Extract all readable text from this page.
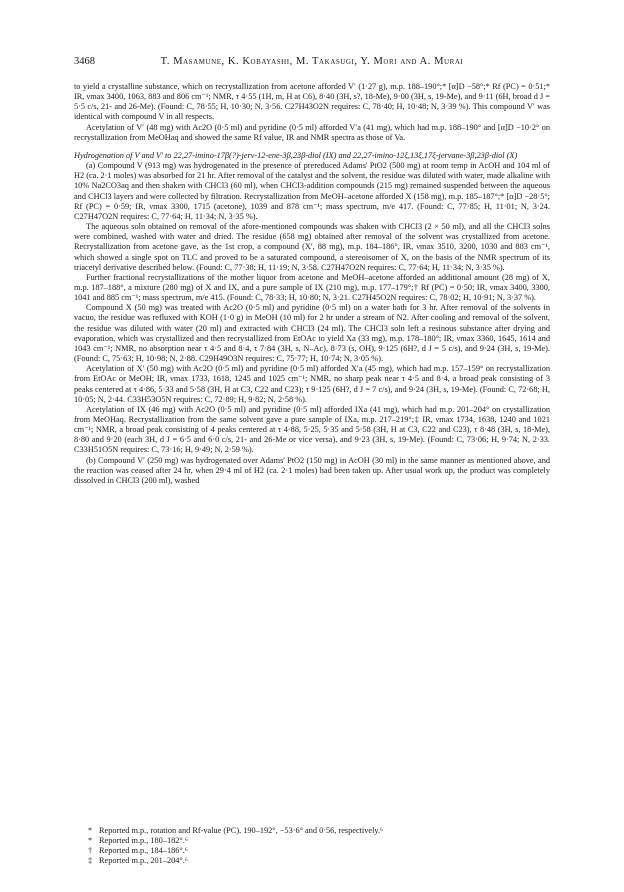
3468	T. Masamune, K. Kobayashi, M. Takasugi, Y. Mori and A. Murai

to yield a crystalline substance, which on recrystallization from acetone afforded V′ (1·27 g), m.p. 188–190°;* [α]D −58°;* Rf (PC) = 0·51;* IR, νmax 3400, 1063, 883 and 806 cm⁻¹; NMR, τ 4·55 (1H, m, H at C6), 8·40 (3H, s?, 18-Me), 9·00 (3H, s, 19-Me), and 9·11 (6H, broad d J = 5·5 c/s, 21- and 26-Me). (Found: C, 78·55; H, 10·30; N, 3·56. C27H43O2N requires: C, 78·40; H, 10·48; N, 3·39 %). This compound V′ was identical with compound V in all respects.

Acetylation of V′ (48 mg) with Ac2O (0·5 ml) and pyridine (0·5 ml) afforded V′a (41 mg), which had m.p. 188–190° and [α]D −10·2° on recrystallization from MeOHaq and showed the same Rf value, IR and NMR spectra as those of Va.

Hydrogenation of V and V′ to 22,27-imino-17β(?)-jerv-12-ene-3β,23β-diol (IX) and 22,27-imino-12ξ,13ξ,17ξ-jervane-3β,23β-diol (X)

(a) Compound V (913 mg) was hydrogenated in the presence of prereduced Adams' PtO2 (500 mg) at room temp in AcOH and 104 ml of H2 (ca. 2·1 moles) was absorbed for 21 hr. After removal of the catalyst and the solvent, the residue was diluted with water, made alkaline with 10% Na2CO3aq and then shaken with CHCl3 (60 ml), when CHCl3-addition compounds (215 mg) remained suspended between the aqueous and CHCl3 layers and were collected by filtration. Recrystallization from MeOH–acetone afforded X (158 mg), m.p. 185–187°;* [α]D −28·5°; Rf (PC) = 0·59; IR, νmax 3300, 1715 (acetone), 1039 and 878 cm⁻¹; mass spectrum, m/e 417. (Found: C, 77·85; H, 11·01; N, 3·24. C27H47O2N requires: C, 77·64; H, 11·34; N, 3·35 %).

The aqueous soln obtained on removal of the afore-mentioned compounds was shaken with CHCl3 (2 × 50 ml), and all the CHCl3 solns were combined, washed with water and dried. The residue (658 mg) obtained after removal of the solvent was crystallized from acetone. Recrystallization from acetone gave, as the 1st crop, a compound (X′, 88 mg), m.p. 184–186°, IR, νmax 3510, 3200, 1030 and 883 cm⁻¹, which showed a single spot on TLC and proved to be a saturated compound, a stereoisomer of X, on the basis of the NMR spectrum of its triacetyl derivative described below. (Found: C, 77·38; H, 11·19; N, 3·58. C27H47O2N requires: C, 77·64; H, 11·34; N, 3·35 %).

Further fractional recrystallizations of the mother liquor from acetone and MeOH–acetone afforded an additional amount (28 mg) of X, m.p. 187–188°, a mixture (280 mg) of X and IX, and a pure sample of IX (210 mg), m.p. 177–179°;† Rf (PC) = 0·50; IR, νmax 3400, 3300, 1041 and 885 cm⁻¹; mass spectrum, m/e 415. (Found: C, 78·33; H, 10·80; N, 3·21. C27H45O2N requires: C, 78·02; H, 10·91; N, 3·37 %).

Compound X (50 mg) was treated with Ac2O (0·5 ml) and pyridine (0·5 ml) on a water bath for 3 hr. After removal of the solvents in vacuo, the residue was refluxed with KOH (1·0 g) in MeOH (10 ml) for 2 hr under a stream of N2. After cooling and removal of the solvent, the residue was diluted with water (20 ml) and extracted with CHCl3 (24 ml). The CHCl3 soln left a resinous substance after drying and evaporation, which was crystallized and then recrystallized from EtOAc to yield Xa (33 mg), m.p. 178–180°; IR, νmax 3360, 1645, 1614 and 1043 cm⁻¹; NMR, no absorption near τ 4·5 and 8·4, τ 7·84 (3H, s, N–Ac), 8·73 (s, OH), 9·125 (6H?, d J = 5 c/s), and 9·24 (3H, s, 19-Me). (Found: C, 75·63; H, 10·98; N, 2·88. C29H49O3N requires: C, 75·77; H, 10·74; N, 3·05 %).

Acetylation of X′ (50 mg) with Ac2O (0·5 ml) and pyridine (0·5 ml) afforded X′a (45 mg), which had m.p. 157–159° on recrystallization from EtOAc or MeOH; IR, νmax 1733, 1618, 1245 and 1025 cm⁻¹; NMR, no sharp peak near τ 4·5 and 8·4, a broad peak consisting of 3 peaks centered at τ 4·86, 5·33 and 5·58 (3H, H at C3, C22 and C23); τ 9·125 (6H?, d J = 7 c/s), and 9·24 (3H, s, 19-Me). (Found: C, 72·68; H, 10·05; N, 2·44. C33H53O5N requires: C, 72·89; H, 9·82; N, 2·58 %).

Acetylation of IX (46 mg) with Ac2O (0·5 ml) and pyridine (0·5 ml) afforded IXa (41 mg), which had m.p. 201–204° on crystallization from MeOHaq. Recrystallization from the same solvent gave a pure sample of IXa, m.p. 217–219°;‡ IR, νmax 1734, 1638, 1240 and 1021 cm⁻¹; NMR, a broad peak consisting of 4 peaks centered at τ 4·88, 5·25, 5·35 and 5·58 (3H, H at C3, C22 and C23), τ 8·48 (3H, s, 18-Me), 8·80 and 9·20 (each 3H, d J = 6·5 and 6·0 c/s, 21- and 26-Me or vice versa), and 9·23 (3H, s, 19-Me). (Found: C, 73·06; H, 9·74; N, 2·33. C33H51O5N requires: C, 73·16; H, 9·49; N, 2·59 %).

(b) Compound V′ (250 mg) was hydrogenated over Adams' PtO2 (150 mg) in AcOH (30 ml) in the same manner as mentioned above, and the reaction was ceased after 24 hr, when 29·4 ml of H2 (ca. 2·1 moles) had been taken up. After usual work up, the product was completely dissolved in CHCl3 (200 ml), washed

* Reported m.p., rotation and Rf-value (PC), 190–192°, −53·6° and 0·56, respectively.⁶

* Reported m.p., 180–182°.⁶

† Reported m.p., 184–186°.⁶

‡ Reported m.p., 201–204°.⁶
